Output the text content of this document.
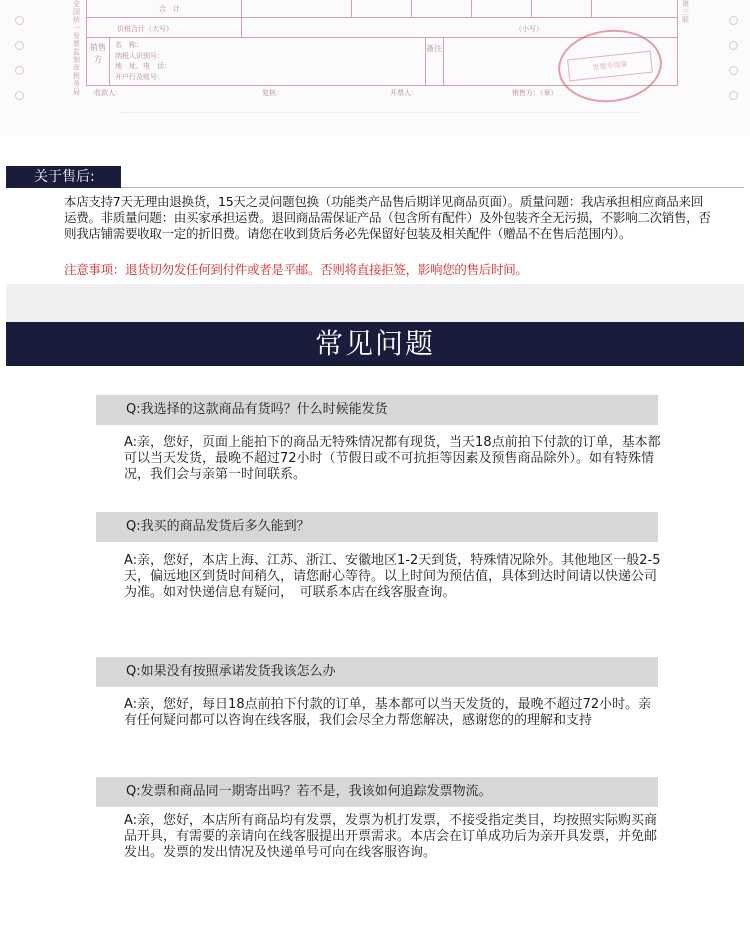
全国统一发票监制章税务局
第三联
合　计
价税合计（大写）	（小写）
销售方
名　称：
纳税人识别号：
地　址、电　话：
开户行及账号：
备注
收款人：	复核：	开票人：	销售方：（章）
发票专用章
关于售后:
本店支持7天无理由退换货，15天之灵问题包换（功能类产品售后期详见商品页面）。质量问题：我店承担相应商品来回运费。非质量问题：由买家承担运费。退回商品需保证产品（包含所有配件）及外包装齐全无污损，不影响二次销售，否则我店铺需要收取一定的折旧费。请您在收到货后务必先保留好包装及相关配件（赠品不在售后范围内）。
注意事项：退货切勿发任何到付件或者是平邮。否则将直接拒签，影响您的售后时间。
常见问题
Q:我选择的这款商品有货吗？什么时候能发货
A:亲，您好，页面上能拍下的商品无特殊情况都有现货，当天18点前拍下付款的订单，基本都可以当天发货，最晚不超过72小时（节假日或不可抗拒等因素及预售商品除外）。如有特殊情况，我们会与亲第一时间联系。
Q:我买的商品发货后多久能到？
A:亲，您好，本店上海、江苏、浙江、安徽地区1-2天到货，特殊情况除外。其他地区一般2-5天，偏远地区到货时间稍久，请您耐心等待。以上时间为预估值，具体到达时间请以快递公司为准。如对快递信息有疑问，　可联系本店在线客服查询。
Q:如果没有按照承诺发货我该怎么办
A:亲，您好，每日18点前拍下付款的订单，基本都可以当天发货的，最晚不超过72小时。亲有任何疑问都可以咨询在线客服，我们会尽全力帮您解决，感谢您的的理解和支持
Q:发票和商品同一期寄出吗？若不是，我该如何追踪发票物流。
A:亲，您好，本店所有商品均有发票，发票为机打发票，不接受指定类目，均按照实际购买商品开具，有需要的亲请向在线客服提出开票需求。本店会在订单成功后为亲开具发票，并免邮发出。发票的发出情况及快递单号可向在线客服咨询。
